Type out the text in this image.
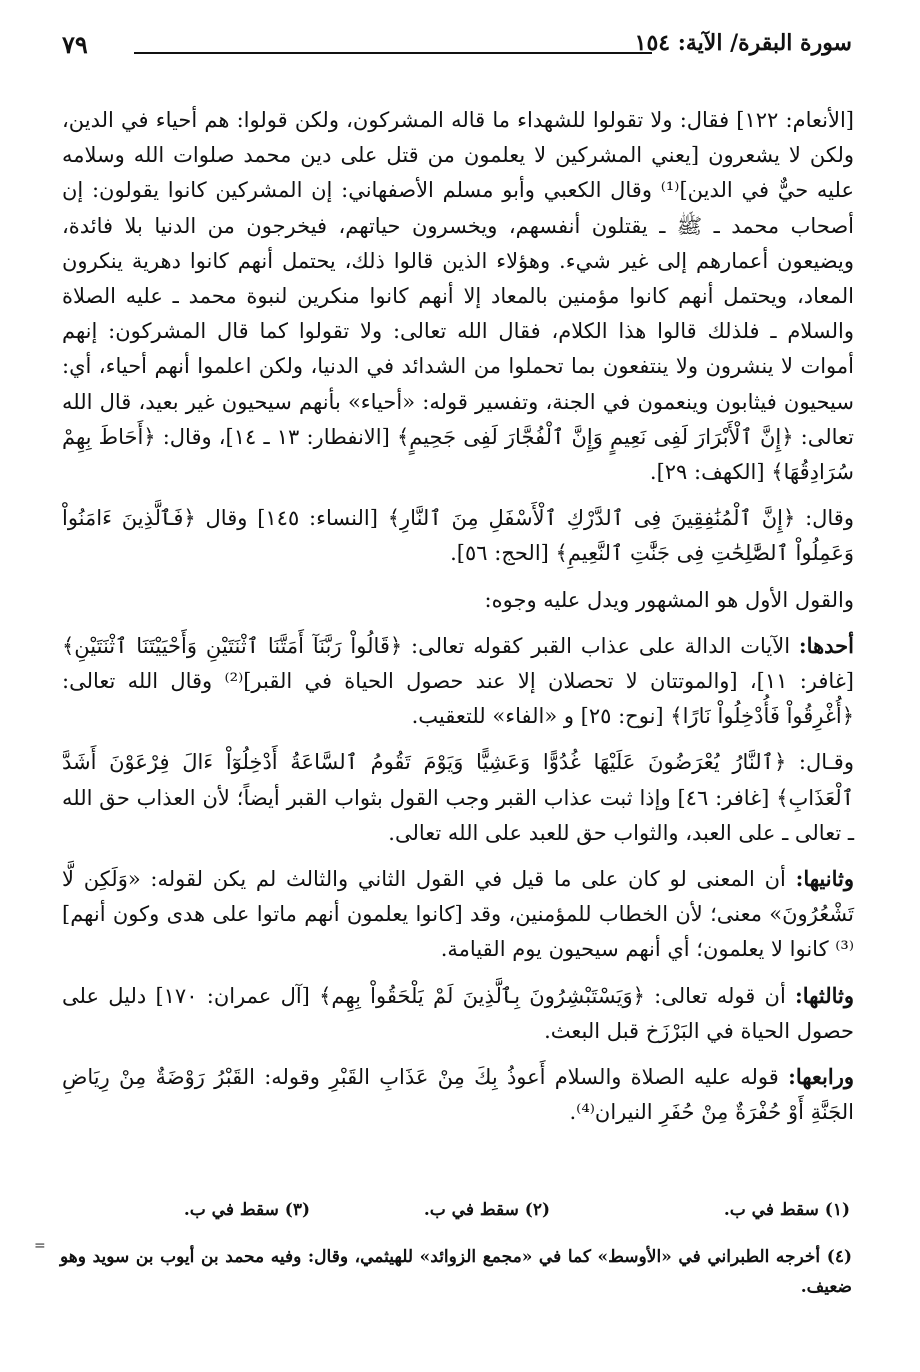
سورة البقرة/ الآية: ١٥٤
٧٩

[الأنعام: ١٢٢] فقال: ولا تقولوا للشهداء ما قاله المشركون، ولكن قولوا: هم أحياء في الدين، ولكن لا يشعرون [يعني المشركين لا يعلمون من قتل على دين محمد صلوات الله وسلامه عليه حيٌّ في الدين]⁽¹⁾ وقال الكعبي وأبو مسلم الأصفهاني: إن المشركين كانوا يقولون: إن أصحاب محمد ـ ﷺ ـ يقتلون أنفسهم، ويخسرون حياتهم، فيخرجون من الدنيا بلا فائدة، ويضيعون أعمارهم إلى غير شيء. وهؤلاء الذين قالوا ذلك، يحتمل أنهم كانوا دهرية ينكرون المعاد، ويحتمل أنهم كانوا مؤمنين بالمعاد إلا أنهم كانوا منكرين لنبوة محمد ـ عليه الصلاة والسلام ـ فلذلك قالوا هذا الكلام، فقال الله تعالى: ولا تقولوا كما قال المشركون: إنهم أموات لا ينشرون ولا ينتفعون بما تحملوا من الشدائد في الدنيا، ولكن اعلموا أنهم أحياء، أي: سيحيون فيثابون وينعمون في الجنة، وتفسير قوله: «أحياء» بأنهم سيحيون غير بعيد، قال الله تعالى: ﴿إِنَّ ٱلْأَبْرَارَ لَفِى نَعِيمٍ وَإِنَّ ٱلْفُجَّارَ لَفِى جَحِيمٍ﴾ [الانفطار: ١٣ ـ ١٤]، وقال: ﴿أَحَاطَ بِهِمْ سُرَادِقُهَا﴾ [الكهف: ٢٩].

وقال: ﴿إِنَّ ٱلْمُنَٰفِقِينَ فِى ٱلدَّرْكِ ٱلْأَسْفَلِ مِنَ ٱلنَّارِ﴾ [النساء: ١٤٥] وقال ﴿فَٱلَّذِينَ ءَامَنُواْ وَعَمِلُواْ ٱلصَّٰلِحَٰتِ فِى جَنَّٰتِ ٱلنَّعِيمِ﴾ [الحج: ٥٦].

والقول الأول هو المشهور ويدل عليه وجوه:

أحدها: الآيات الدالة على عذاب القبر كقوله تعالى: ﴿قَالُواْ رَبَّنَآ أَمَتَّنَا ٱثْنَتَيْنِ وَأَحْيَيْتَنَا ٱثْنَتَيْنِ﴾ [غافر: ١١]، [والموتتان لا تحصلان إلا عند حصول الحياة في القبر]⁽²⁾ وقال الله تعالى: ﴿أُغْرِقُواْ فَأُدْخِلُواْ نَارًا﴾ [نوح: ٢٥] و «الفاء» للتعقيب.

وقـال: ﴿ٱلنَّارُ يُعْرَضُونَ عَلَيْهَا غُدُوًّا وَعَشِيًّا وَيَوْمَ تَقُومُ ٱلسَّاعَةُ أَدْخِلُوٓاْ ءَالَ فِرْعَوْنَ أَشَدَّ ٱلْعَذَابِ﴾ [غافر: ٤٦] وإذا ثبت عذاب القبر وجب القول بثواب القبر أيضاً؛ لأن العذاب حق الله ـ تعالى ـ على العبد، والثواب حق للعبد على الله تعالى.

وثانيها: أن المعنى لو كان على ما قيل في القول الثاني والثالث لم يكن لقوله: «وَلَكِن لَّا تَشْعُرُونَ» معنى؛ لأن الخطاب للمؤمنين، وقد [كانوا يعلمون أنهم ماتوا على هدى وكون أنهم]⁽³⁾ كانوا لا يعلمون؛ أي أنهم سيحيون يوم القيامة.

وثالثها: أن قوله تعالى: ﴿وَيَسْتَبْشِرُونَ بِٱلَّذِينَ لَمْ يَلْحَقُواْ بِهِم﴾ [آل عمران: ١٧٠] دليل على حصول الحياة في البَرْزَخ قبل البعث.

ورابعها: قوله عليه الصلاة والسلام أَعوذُ بِكَ مِنْ عَذَابِ القَبْرِ وقوله: القَبْرُ رَوْضَةٌ مِنْ رِيَاضِ الجَنَّةِ أَوْ حُفْرَةٌ مِنْ حُفَرِ النيران⁽⁴⁾.

(١) سقط في ب.
(٢) سقط في ب.
(٣) سقط في ب.
(٤) أخرجه الطبراني في «الأوسط» كما في «مجمع الزوائد» للهيثمي، وقال: وفيه محمد بن أيوب بن سويد وهو ضعيف.
=
